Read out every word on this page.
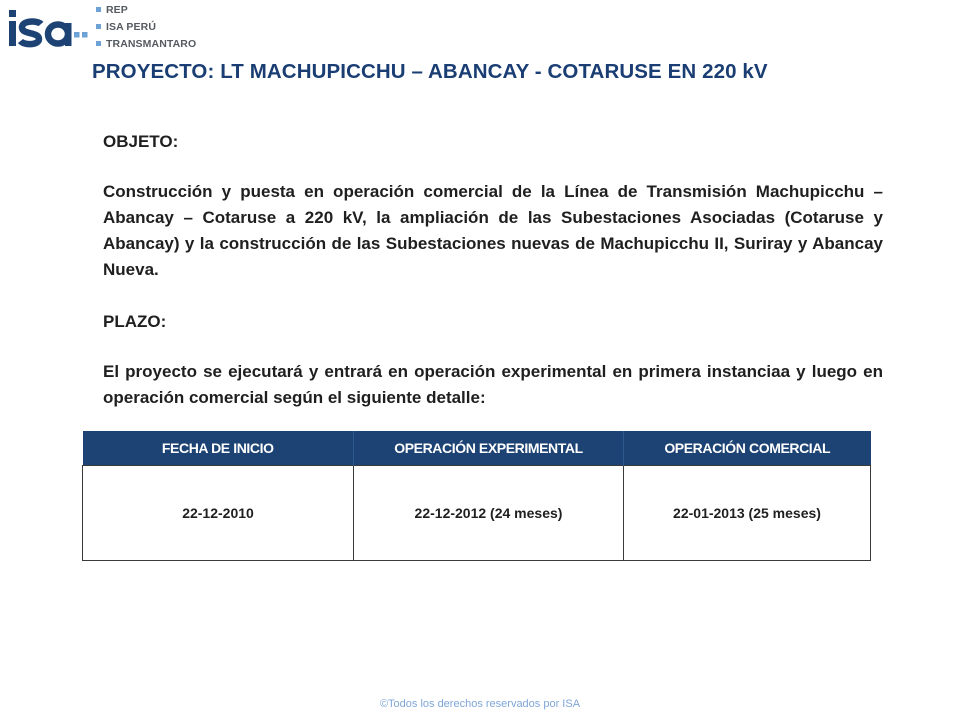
REP
ISA PERÚ
TRANSMANTARO
PROYECTO: LT MACHUPICCHU – ABANCAY - COTARUSE EN 220 kV

OBJETO:

Construcción y puesta en operación comercial de la Línea de Transmisión Machupicchu – Abancay – Cotaruse a 220 kV, la ampliación de las Subestaciones Asociadas (Cotaruse y Abancay) y la construcción de las Subestaciones nuevas de Machupicchu II, Suriray y Abancay Nueva.

PLAZO:

El proyecto se ejecutará y entrará en operación experimental en primera instanciaa y luego en operación comercial según el siguiente detalle:

FECHA DE INICIO	OPERACIÓN EXPERIMENTAL	OPERACIÓN COMERCIAL
22-12-2010	22-12-2012 (24 meses)	22-01-2013 (25 meses)
©Todos los derechos reservados por ISA
